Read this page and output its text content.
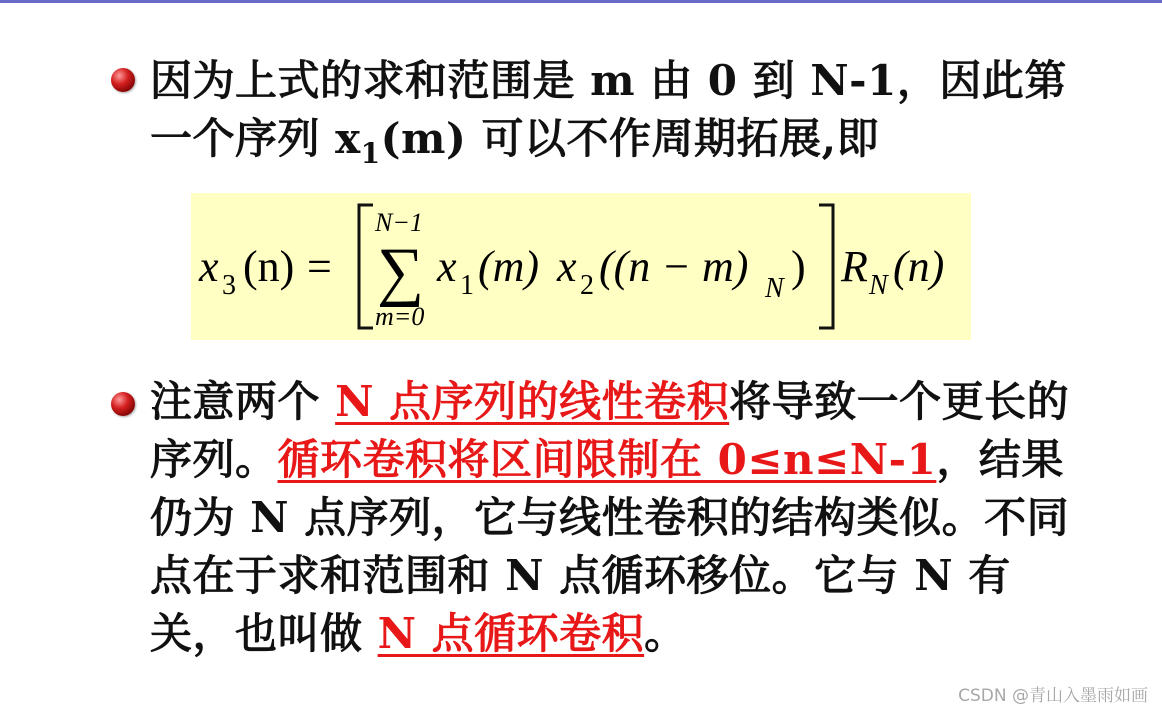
因为上式的求和范围是 m 由 0 到 N-1，因此第
一个序列 $x_1(m)$ 可以不作周期拓展,即
x 3 (n) =
N−1
∑
m=0
x 1 (m) x 2 ((n − m) N ) R N (n)
注意两个 N 点序列的线性卷积将导致一个更长的序列。循环卷积将区间限制在 0≤n≤N-1，结果仍为 N 点序列，它与线性卷积的结构类似。不同点在于求和范围和 N 点循环移位。它与 N 有关，也叫做 N 点循环卷积。
CSDN @青山入墨雨如画
